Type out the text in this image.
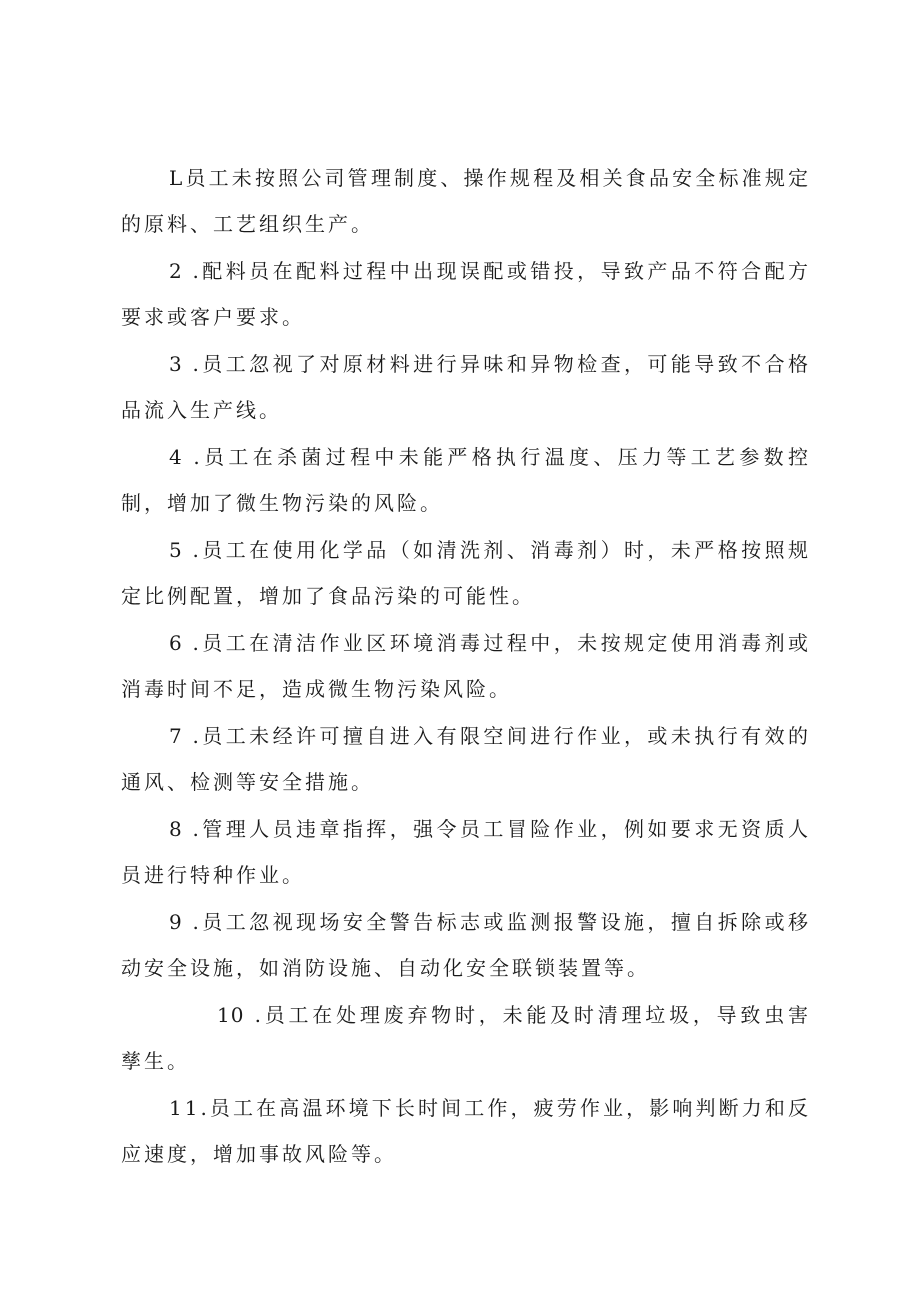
L员工未按照公司管理制度、操作规程及相关食品安全标准规定的原料、工艺组织生产。

2 .配料员在配料过程中出现误配或错投，导致产品不符合配方要求或客户要求。

3 .员工忽视了对原材料进行异味和异物检查，可能导致不合格品流入生产线。

4 .员工在杀菌过程中未能严格执行温度、压力等工艺参数控制，增加了微生物污染的风险。

5 .员工在使用化学品（如清洗剂、消毒剂）时，未严格按照规定比例配置，增加了食品污染的可能性。

6 .员工在清洁作业区环境消毒过程中，未按规定使用消毒剂或消毒时间不足，造成微生物污染风险。

7 .员工未经许可擅自进入有限空间进行作业，或未执行有效的通风、检测等安全措施。

8 .管理人员违章指挥，强令员工冒险作业，例如要求无资质人员进行特种作业。

9 .员工忽视现场安全警告标志或监测报警设施，擅自拆除或移动安全设施，如消防设施、自动化安全联锁装置等。

10 .员工在处理废弃物时，未能及时清理垃圾，导致虫害孳生。

11.员工在高温环境下长时间工作，疲劳作业，影响判断力和反应速度，增加事故风险等。
